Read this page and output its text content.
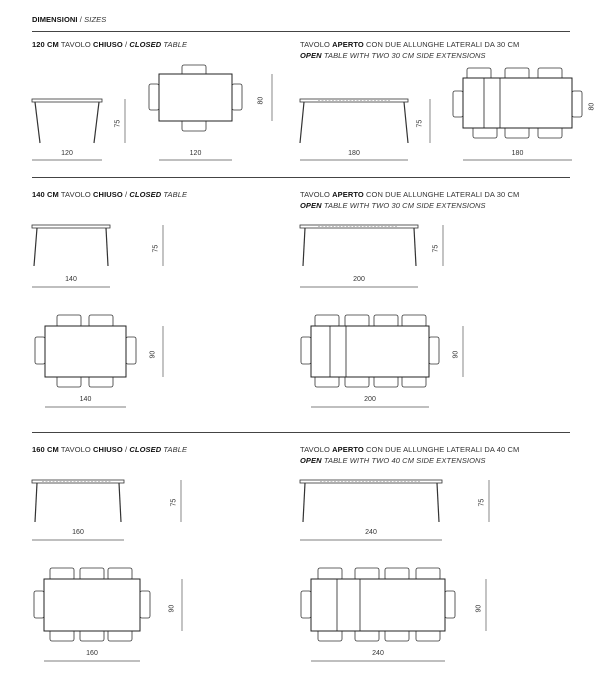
DIMENSIONI / SIZES
120 CM TAVOLO CHIUSO / CLOSED TABLE	TAVOLO APERTO CON DUE ALLUNGHE LATERALI DA 30 CM
OPEN TABLE WITH TWO 30 CM SIDE EXTENSIONS
75
120
80
120
75
180
80
180
140 CM TAVOLO CHIUSO / CLOSED TABLE	TAVOLO APERTO CON DUE ALLUNGHE LATERALI DA 30 CM
OPEN TABLE WITH TWO 30 CM SIDE EXTENSIONS
75
140
75
200
90
140
90
200
160 CM TAVOLO CHIUSO / CLOSED TABLE	TAVOLO APERTO CON DUE ALLUNGHE LATERALI DA 40 CM
OPEN TABLE WITH TWO 40 CM SIDE EXTENSIONS
75
160
75
240
90
160
90
240
